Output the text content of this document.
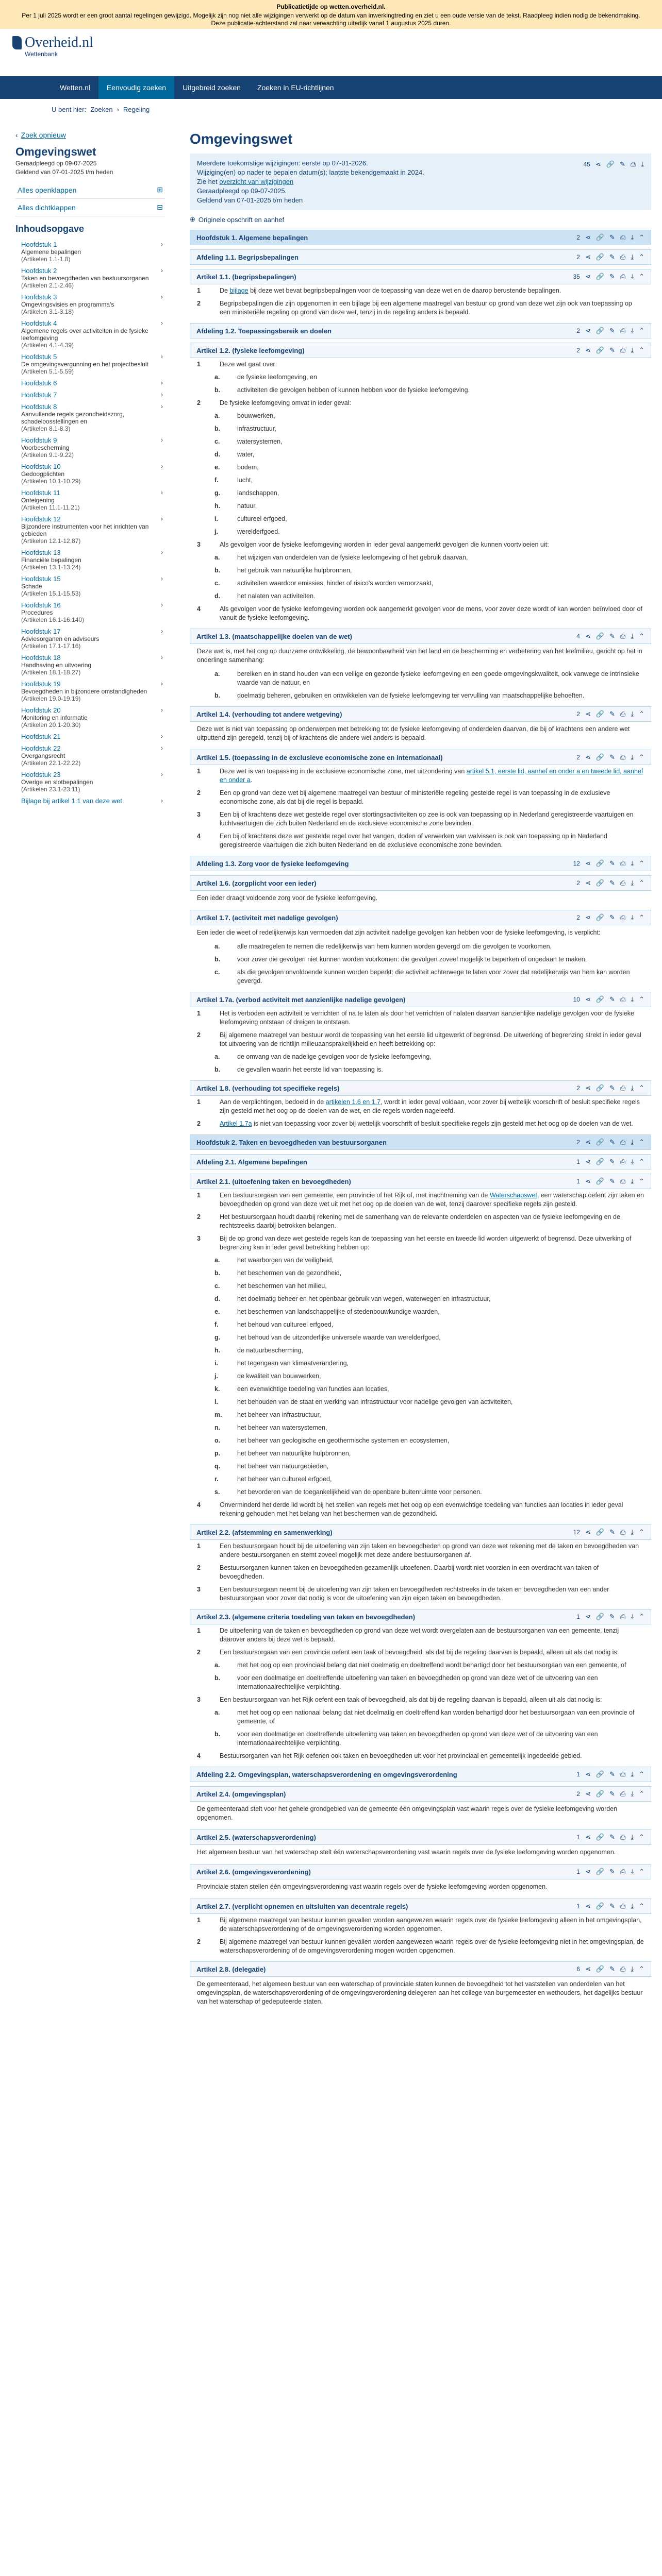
Publicatietijde op wetten.overheid.nl.
Per 1 juli 2025 wordt er een groot aantal regelingen gewijzigd. Mogelijk zijn nog niet alle wijzigingen verwerkt op de datum van inwerkingtreding en ziet u een oude versie van de tekst. Raadpleeg indien nodig de bekendmaking. Deze publicatie-achterstand zal naar verwachting uiterlijk vanaf 1 augustus 2025 duren.
Overheid.nl
Wettenbank
Wetten.nl	Eenvoudig zoeken	Uitgebreid zoeken	Zoeken in EU-richtlijnen
U bent hier: Zoeken › Regeling
‹ Zoek opnieuw
Omgevingswet
Geraadpleegd op 09-07-2025
Geldend van 07-01-2025 t/m heden
Alles openklappen	⊞
Alles dichtklappen	⊟
Inhoudsopgave
Hoofdstuk 1
Algemene bepalingen
(Artikelen 1.1-1.8)
›
Hoofdstuk 2
Taken en bevoegdheden van bestuursorganen
(Artikelen 2.1-2.46)
›
Hoofdstuk 3
Omgevingsvisies en programma's
(Artikelen 3.1-3.18)
›
Hoofdstuk 4
Algemene regels over activiteiten in de fysieke leefomgeving
(Artikelen 4.1-4.39)
›
Hoofdstuk 5
De omgevingsvergunning en het projectbesluit
(Artikelen 5.1-5.59)
›
Hoofdstuk 6	›
Hoofdstuk 7	›
Hoofdstuk 8
Aanvullende regels gezondheidszorg, schadeloosstellingen en
(Artikelen 8.1-8.3)
›
Hoofdstuk 9
Voorbescherming
(Artikelen 9.1-9.22)
›
Hoofdstuk 10
Gedoogplichten
(Artikelen 10.1-10.29)
›
Hoofdstuk 11
Onteigening
(Artikelen 11.1-11.21)
›
Hoofdstuk 12
Bijzondere instrumenten voor het inrichten van gebieden
(Artikelen 12.1-12.87)
›
Hoofdstuk 13
Financiële bepalingen
(Artikelen 13.1-13.24)
›
Hoofdstuk 15
Schade
(Artikelen 15.1-15.53)
›
Hoofdstuk 16
Procedures
(Artikelen 16.1-16.140)
›
Hoofdstuk 17
Adviesorganen en adviseurs
(Artikelen 17.1-17.16)
›
Hoofdstuk 18
Handhaving en uitvoering
(Artikelen 18.1-18.27)
›
Hoofdstuk 19
Bevoegdheden in bijzondere omstandigheden
(Artikelen 19.0-19.19)
›
Hoofdstuk 20
Monitoring en informatie
(Artikelen 20.1-20.30)
›
Hoofdstuk 21	›
Hoofdstuk 22
Overgangsrecht
(Artikelen 22.1-22.22)
›
Hoofdstuk 23
Overige en slotbepalingen
(Artikelen 23.1-23.11)
›
Bijlage bij artikel 1.1 van deze wet	›
Omgevingswet
Meerdere toekomstige wijzigingen: eerste op 07-01-2026.
Wijziging(en) op nader te bepalen datum(s); laatste bekendgemaakt in 2024.
Zie het overzicht van wijzigingen
Geraadpleegd op 09-07-2025.
Geldend van 07-01-2025 t/m heden
45 ⋖ 🔗 ✎ ⎙ ⤓
⊕ Originele opschrift en aanhef
Hoofdstuk 1. Algemene bepalingen	2 ⋖ 🔗 ✎ ⎙ ⤓ ⌃
Afdeling 1.1. Begripsbepalingen	2 ⋖ 🔗 ✎ ⎙ ⤓ ⌃
Artikel 1.1. (begripsbepalingen)	35 ⋖ 🔗 ✎ ⎙ ⤓ ⌃
1	De bijlage bij deze wet bevat begripsbepalingen voor de toepassing van deze wet en de daarop berustende bepalingen.
2	Begripsbepalingen die zijn opgenomen in een bijlage bij een algemene maatregel van bestuur op grond van deze wet zijn ook van toepassing op een ministeriële regeling op grond van deze wet, tenzij in de regeling anders is bepaald.
Afdeling 1.2. Toepassingsbereik en doelen	2 ⋖ 🔗 ✎ ⎙ ⤓ ⌃
Artikel 1.2. (fysieke leefomgeving)	2 ⋖ 🔗 ✎ ⎙ ⤓ ⌃
1	Deze wet gaat over:
a.	de fysieke leefomgeving, en
b.	activiteiten die gevolgen hebben of kunnen hebben voor de fysieke leefomgeving.
2	De fysieke leefomgeving omvat in ieder geval:
a.	bouwwerken,
b.	infrastructuur,
c.	watersystemen,
d.	water,
e.	bodem,
f.	lucht,
g.	landschappen,
h.	natuur,
i.	cultureel erfgoed,
j.	werelderfgoed.
3	Als gevolgen voor de fysieke leefomgeving worden in ieder geval aangemerkt gevolgen die kunnen voortvloeien uit:
a.	het wijzigen van onderdelen van de fysieke leefomgeving of het gebruik daarvan,
b.	het gebruik van natuurlijke hulpbronnen,
c.	activiteiten waardoor emissies, hinder of risico's worden veroorzaakt,
d.	het nalaten van activiteiten.
4	Als gevolgen voor de fysieke leefomgeving worden ook aangemerkt gevolgen voor de mens, voor zover deze wordt of kan worden beïnvloed door of vanuit de fysieke leefomgeving.
Artikel 1.3. (maatschappelijke doelen van de wet)	4 ⋖ 🔗 ✎ ⎙ ⤓ ⌃
Deze wet is, met het oog op duurzame ontwikkeling, de bewoonbaarheid van het land en de bescherming en verbetering van het leefmilieu, gericht op het in onderlinge samenhang:
a.	bereiken en in stand houden van een veilige en gezonde fysieke leefomgeving en een goede omgevingskwaliteit, ook vanwege de intrinsieke waarde van de natuur, en
b.	doelmatig beheren, gebruiken en ontwikkelen van de fysieke leefomgeving ter vervulling van maatschappelijke behoeften.
Artikel 1.4. (verhouding tot andere wetgeving)	2 ⋖ 🔗 ✎ ⎙ ⤓ ⌃
Deze wet is niet van toepassing op onderwerpen met betrekking tot de fysieke leefomgeving of onderdelen daarvan, die bij of krachtens een andere wet uitputtend zijn geregeld, tenzij bij of krachtens die andere wet anders is bepaald.
Artikel 1.5. (toepassing in de exclusieve economische zone en internationaal)	2 ⋖ 🔗 ✎ ⎙ ⤓ ⌃
1	Deze wet is van toepassing in de exclusieve economische zone, met uitzondering van artikel 5.1, eerste lid, aanhef en onder a en tweede lid, aanhef en onder a.
2	Een op grond van deze wet bij algemene maatregel van bestuur of ministeriële regeling gestelde regel is van toepassing in de exclusieve economische zone, als dat bij die regel is bepaald.
3	Een bij of krachtens deze wet gestelde regel over stortingsactiviteiten op zee is ook van toepassing op in Nederland geregistreerde vaartuigen en luchtvaartuigen die zich buiten Nederland en de exclusieve economische zone bevinden.
4	Een bij of krachtens deze wet gestelde regel over het vangen, doden of verwerken van walvissen is ook van toepassing op in Nederland geregistreerde vaartuigen die zich buiten Nederland en de exclusieve economische zone bevinden.
Afdeling 1.3. Zorg voor de fysieke leefomgeving	12 ⋖ 🔗 ✎ ⎙ ⤓ ⌃
Artikel 1.6. (zorgplicht voor een ieder)	2 ⋖ 🔗 ✎ ⎙ ⤓ ⌃
Een ieder draagt voldoende zorg voor de fysieke leefomgeving.
Artikel 1.7. (activiteit met nadelige gevolgen)	2 ⋖ 🔗 ✎ ⎙ ⤓ ⌃
Een ieder die weet of redelijkerwijs kan vermoeden dat zijn activiteit nadelige gevolgen kan hebben voor de fysieke leefomgeving, is verplicht:
a.	alle maatregelen te nemen die redelijkerwijs van hem kunnen worden gevergd om die gevolgen te voorkomen,
b.	voor zover die gevolgen niet kunnen worden voorkomen: die gevolgen zoveel mogelijk te beperken of ongedaan te maken,
c.	als die gevolgen onvoldoende kunnen worden beperkt: die activiteit achterwege te laten voor zover dat redelijkerwijs van hem kan worden gevergd.
Artikel 1.7a. (verbod activiteit met aanzienlijke nadelige gevolgen)	10 ⋖ 🔗 ✎ ⎙ ⤓ ⌃
1	Het is verboden een activiteit te verrichten of na te laten als door het verrichten of nalaten daarvan aanzienlijke nadelige gevolgen voor de fysieke leefomgeving ontstaan of dreigen te ontstaan.
2	Bij algemene maatregel van bestuur wordt de toepassing van het eerste lid uitgewerkt of begrensd. De uitwerking of begrenzing strekt in ieder geval tot uitvoering van de richtlijn milieuaansprakelijkheid en heeft betrekking op:
a.	de omvang van de nadelige gevolgen voor de fysieke leefomgeving,
b.	de gevallen waarin het eerste lid van toepassing is.
Artikel 1.8. (verhouding tot specifieke regels)	2 ⋖ 🔗 ✎ ⎙ ⤓ ⌃
1	Aan de verplichtingen, bedoeld in de artikelen 1.6 en 1.7, wordt in ieder geval voldaan, voor zover bij wettelijk voorschrift of besluit specifieke regels zijn gesteld met het oog op de doelen van de wet, en die regels worden nageleefd.
2	Artikel 1.7a is niet van toepassing voor zover bij wettelijk voorschrift of besluit specifieke regels zijn gesteld met het oog op de doelen van de wet.
Hoofdstuk 2. Taken en bevoegdheden van bestuursorganen	2 ⋖ 🔗 ✎ ⎙ ⤓ ⌃
Afdeling 2.1. Algemene bepalingen	1 ⋖ 🔗 ✎ ⎙ ⤓ ⌃
Artikel 2.1. (uitoefening taken en bevoegdheden)	1 ⋖ 🔗 ✎ ⎙ ⤓ ⌃
1	Een bestuursorgaan van een gemeente, een provincie of het Rijk of, met inachtneming van de Waterschapswet, een waterschap oefent zijn taken en bevoegdheden op grond van deze wet uit met het oog op de doelen van de wet, tenzij daarover specifieke regels zijn gesteld.
2	Het bestuursorgaan houdt daarbij rekening met de samenhang van de relevante onderdelen en aspecten van de fysieke leefomgeving en de rechtstreeks daarbij betrokken belangen.
3	Bij de op grond van deze wet gestelde regels kan de toepassing van het eerste en tweede lid worden uitgewerkt of begrensd. Deze uitwerking of begrenzing kan in ieder geval betrekking hebben op:
a.	het waarborgen van de veiligheid,
b.	het beschermen van de gezondheid,
c.	het beschermen van het milieu,
d.	het doelmatig beheer en het openbaar gebruik van wegen, waterwegen en infrastructuur,
e.	het beschermen van landschappelijke of stedenbouwkundige waarden,
f.	het behoud van cultureel erfgoed,
g.	het behoud van de uitzonderlijke universele waarde van werelderfgoed,
h.	de natuurbescherming,
i.	het tegengaan van klimaatverandering,
j.	de kwaliteit van bouwwerken,
k.	een evenwichtige toedeling van functies aan locaties,
l.	het behouden van de staat en werking van infrastructuur voor nadelige gevolgen van activiteiten,
m.	het beheer van infrastructuur,
n.	het beheer van watersystemen,
o.	het beheer van geologische en geothermische systemen en ecosystemen,
p.	het beheer van natuurlijke hulpbronnen,
q.	het beheer van natuurgebieden,
r.	het beheer van cultureel erfgoed,
s.	het bevorderen van de toegankelijkheid van de openbare buitenruimte voor personen.
4	Onverminderd het derde lid wordt bij het stellen van regels met het oog op een evenwichtige toedeling van functies aan locaties in ieder geval rekening gehouden met het belang van het beschermen van de gezondheid.
Artikel 2.2. (afstemming en samenwerking)	12 ⋖ 🔗 ✎ ⎙ ⤓ ⌃
1	Een bestuursorgaan houdt bij de uitoefening van zijn taken en bevoegdheden op grond van deze wet rekening met de taken en bevoegdheden van andere bestuursorganen en stemt zoveel mogelijk met deze andere bestuursorganen af.
2	Bestuursorganen kunnen taken en bevoegdheden gezamenlijk uitoefenen. Daarbij wordt niet voorzien in een overdracht van taken of bevoegdheden.
3	Een bestuursorgaan neemt bij de uitoefening van zijn taken en bevoegdheden rechtstreeks in de taken en bevoegdheden van een ander bestuursorgaan voor zover dat nodig is voor de uitoefening van zijn eigen taken en bevoegdheden.
Artikel 2.3. (algemene criteria toedeling van taken en bevoegdheden)	1 ⋖ 🔗 ✎ ⎙ ⤓ ⌃
1	De uitoefening van de taken en bevoegdheden op grond van deze wet wordt overgelaten aan de bestuursorganen van een gemeente, tenzij daarover anders bij deze wet is bepaald.
2	Een bestuursorgaan van een provincie oefent een taak of bevoegdheid, als dat bij de regeling daarvan is bepaald, alleen uit als dat nodig is:
a.	met het oog op een provinciaal belang dat niet doelmatig en doeltreffend wordt behartigd door het bestuursorgaan van een gemeente, of
b.	voor een doelmatige en doeltreffende uitoefening van taken en bevoegdheden op grond van deze wet of de uitvoering van een internationaalrechtelijke verplichting.
3	Een bestuursorgaan van het Rijk oefent een taak of bevoegdheid, als dat bij de regeling daarvan is bepaald, alleen uit als dat nodig is:
a.	met het oog op een nationaal belang dat niet doelmatig en doeltreffend kan worden behartigd door het bestuursorgaan van een provincie of gemeente, of
b.	voor een doelmatige en doeltreffende uitoefening van taken en bevoegdheden op grond van deze wet of de uitvoering van een internationaalrechtelijke verplichting.
4	Bestuursorganen van het Rijk oefenen ook taken en bevoegdheden uit voor het provinciaal en gemeentelijk ingedeelde gebied.
Afdeling 2.2. Omgevingsplan, waterschapsverordening en omgevingsverordening	1 ⋖ 🔗 ✎ ⎙ ⤓ ⌃
Artikel 2.4. (omgevingsplan)	2 ⋖ 🔗 ✎ ⎙ ⤓ ⌃
De gemeenteraad stelt voor het gehele grondgebied van de gemeente één omgevingsplan vast waarin regels over de fysieke leefomgeving worden opgenomen.
Artikel 2.5. (waterschapsverordening)	1 ⋖ 🔗 ✎ ⎙ ⤓ ⌃
Het algemeen bestuur van het waterschap stelt één waterschapsverordening vast waarin regels over de fysieke leefomgeving worden opgenomen.
Artikel 2.6. (omgevingsverordening)	1 ⋖ 🔗 ✎ ⎙ ⤓ ⌃
Provinciale staten stellen één omgevingsverordening vast waarin regels over de fysieke leefomgeving worden opgenomen.
Artikel 2.7. (verplicht opnemen en uitsluiten van decentrale regels)	1 ⋖ 🔗 ✎ ⎙ ⤓ ⌃
1	Bij algemene maatregel van bestuur kunnen gevallen worden aangewezen waarin regels over de fysieke leefomgeving alleen in het omgevingsplan, de waterschapsverordening of de omgevingsverordening worden opgenomen.
2	Bij algemene maatregel van bestuur kunnen gevallen worden aangewezen waarin regels over de fysieke leefomgeving niet in het omgevingsplan, de waterschapsverordening of de omgevingsverordening mogen worden opgenomen.
Artikel 2.8. (delegatie)	6 ⋖ 🔗 ✎ ⎙ ⤓ ⌃
De gemeenteraad, het algemeen bestuur van een waterschap of provinciale staten kunnen de bevoegdheid tot het vaststellen van onderdelen van het omgevingsplan, de waterschapsverordening of de omgevingsverordening delegeren aan het college van burgemeester en wethouders, het dagelijks bestuur van het waterschap of gedeputeerde staten.
